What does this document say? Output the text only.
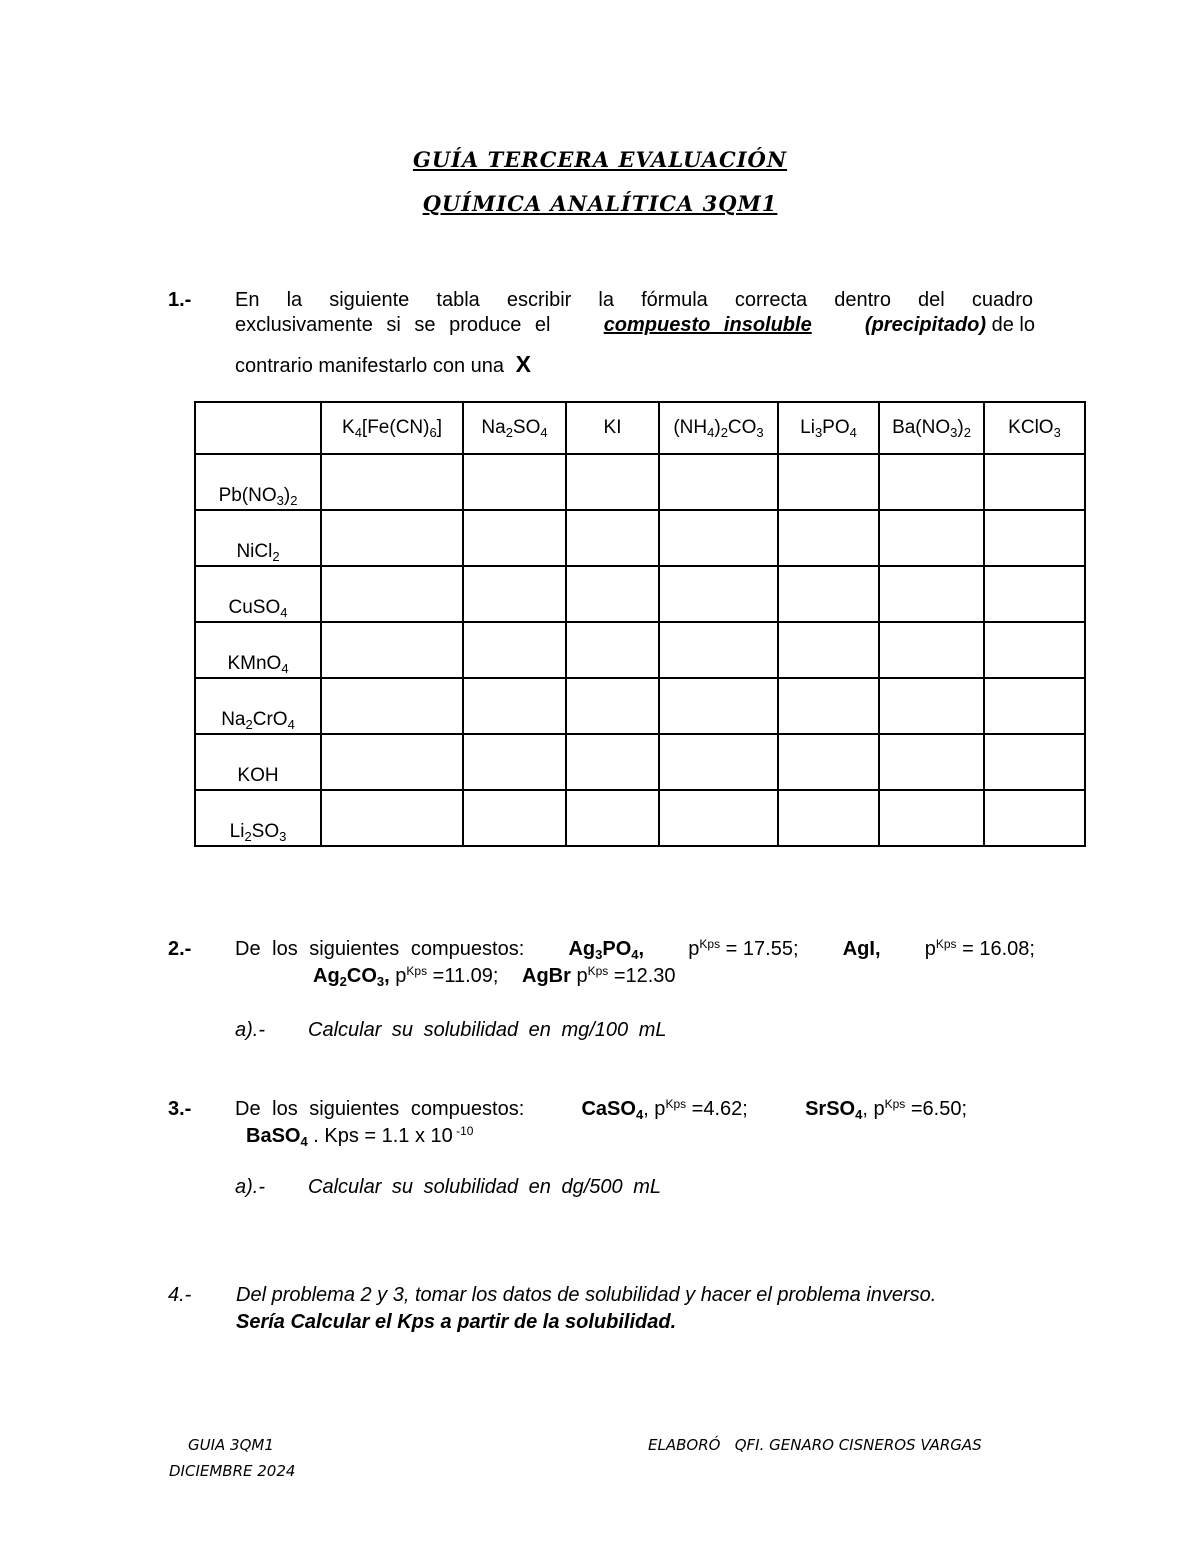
GUÍA TERCERA EVALUACIÓN
QUÍMICA ANALÍTICA 3QM1
1.- En la siguiente tabla escribir la fórmula correcta dentro del cuadro
exclusivamente si se produce el	compuesto insoluble	(precipitado) de lo
contrario manifestarlo con una X
	$K_4[Fe(CN)_6]$	$Na_2SO_4$	KI	$(NH_4)_2CO_3$	$Li_3PO_4$	$Ba(NO_3)_2$	KClO$_3$
$Pb(NO_3)_2$							
NiCl$_2$							
CuSO$_4$							
KMnO$_4$							
$Na_2CrO_4$							
KOH							
$Li_2SO_3$							
2.- De los siguientes compuestos: $Ag_3PO_4$, $p^{Kps} = 17.55$; AgI, $p^{Kps} = 16.08$;
$Ag_2CO_3$, $p^{Kps} =11.09$; AgBr $p^{Kps} =12.30$
a).- Calcular su solubilidad en mg/100 mL
3.- De los siguientes compuestos:	CaSO$_4$, $p^{Kps} =4.62$;	SrSO$_4$, $p^{Kps} =6.50$;
BaSO$_4$ . Kps = 1.1 x 10 $^{-10}$
a).- Calcular su solubilidad en dg/500 mL
4.- Del problema 2 y 3, tomar los datos de solubilidad y hacer el problema inverso.
Sería Calcular el Kps a partir de la solubilidad.
GUIA 3QM1
DICIEMBRE 2024
ELABORÓ   QFI. GENARO CISNEROS VARGAS
